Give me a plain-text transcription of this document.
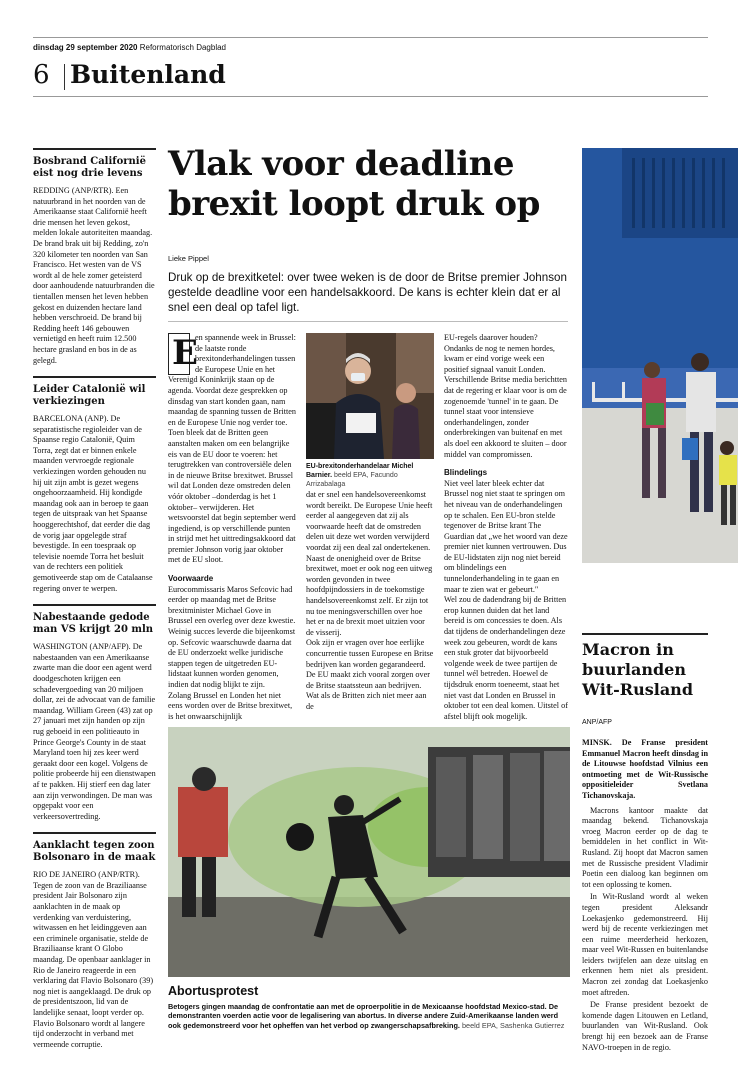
dinsdag 29 september 2020 Reformatorisch Dagblad
6 Buitenland
Bosbrand Californië eist nog drie levens

REDDING (ANP/RTR). Een natuurbrand in het noorden van de Amerikaanse staat Californië heeft drie mensen het leven gekost, melden lokale autoriteiten maandag. De brand brak uit bij Redding, zo'n 320 kilometer ten noorden van San Francisco. Het westen van de VS wordt al de hele zomer geteisterd door aanhoudende natuurbranden die tientallen mensen het leven hebben gekost en duizenden hectare land hebben verschroeid. De brand bij Redding heeft 146 gebouwen vernietigd en heeft ruim 12.500 hectare grasland en bos in de as gelegd.

Leider Catalonië wil verkiezingen

BARCELONA (ANP). De separatistische regioleider van de Spaanse regio Catalonië, Quim Torra, zegt dat er binnen enkele maanden vervroegde regionale verkiezingen worden gehouden nu hij uit zijn ambt is gezet wegens ongehoorzaamheid. Hij kondigde maandag ook aan in beroep te gaan tegen de uitspraak van het Spaanse hooggerechtshof, dat eerder die dag de vorig jaar opgelegde straf bevestigde. In een toespraak op televisie noemde Torra het besluit van de rechters een politiek gemotiveerde stap om de Catalaanse regering onver te werpen.

Nabestaande gedode man VS krijgt 20 mln

WASHINGTON (ANP/AFP). De nabestaanden van een Amerikaanse zwarte man die door een agent werd doodgeschoten krijgen een schadevergoeding van 20 miljoen dollar, zei de advocaat van de familie maandag. William Green (43) zat op 27 januari met zijn handen op zijn rug geboeid in een politieauto in Prince George's County in de staat Maryland toen hij zes keer werd geraakt door een kogel. Volgens de politie probeerde hij een dienstwapen af te pakken. Hij stierf een dag later aan zijn verwondingen. De man was opgepakt voor een verkeersovertreding.

Aanklacht tegen zoon Bolsonaro in de maak

RIO DE JANEIRO (ANP/RTR). Tegen de zoon van de Braziliaanse president Jair Bolsonaro zijn aanklachten in de maak op verdenking van verduistering, witwassen en het leidinggeven aan een criminele organisatie, stelde de Braziliaanse krant O Globo maandag. De openbaar aanklager in Rio de Janeiro reageerde in een verklaring dat Flavio Bolsonaro (39) nog niet is aangeklaagd. De druk op de presidentszoon, lid van de landelijke senaat, loopt verder op. Flavio Bolsonaro wordt al langere tijd onderzocht in verband met vermeende corruptie.

Vlak voor deadline brexit loopt druk op
Lieke Pippel
Druk op de brexitketel: over twee weken is de door de Britse premier Johnson gestelde deadline voor een handelsakkoord. De kans is echter klein dat er al snel een deal op tafel ligt.
E

en spannende week in Brussel: de laatste ronde brexitonderhandelingen tussen de Europese Unie en het Verenigd Koninkrijk staan op de agenda. Voordat deze gesprekken op dinsdag van start konden gaan, nam maandag de spanning tussen de Britten en de Europese Unie nog verder toe.

Toen bleek dat de Britten geen aanstalten maken om een belangrijke eis van de EU door te voeren: het terugtrekken van controversiële delen in de nieuwe Britse brexitwet. Brussel wil dat Londen deze omstreden delen vóór oktober –donderdag is het 1 oktober– verwijderen. Het wetsvoorstel dat begin september werd ingediend, is op verschillende punten in strijd met het uittredingsakkoord dat premier Johnson vorig jaar oktober met de EU sloot.

Voorwaarde

Eurocommissaris Maros Sefcovic had eerder op maandag met de Britse brexitminister Michael Gove in Brussel een overleg over deze kwestie. Weinig succes leverde die bijeenkomst op. Sefcovic waarschuwde daarna dat de EU onderzoekt welke juridische stappen tegen de uitgetreden EU-lidstaat kunnen worden genomen, indien dat nodig blijkt te zijn.

Zolang Brussel en Londen het niet eens worden over de Britse brexitwet, is het onwaarschijnlijk

EU-brexitonderhandelaar Michel Barnier. beeld EPA, Facundo Arrizabalaga

dat er snel een handelsovereenkomst wordt bereikt. De Europese Unie heeft eerder al aangegeven dat zij als voorwaarde heeft dat de omstreden delen uit deze wet worden verwijderd voordat zij een deal zal ondertekenen.

Naast de onenigheid over de Britse brexitwet, moet er ook nog een uitweg worden gevonden in twee hoofdpijndossiers in de toekomstige handelsovereenkomst zelf. Er zijn tot nu toe meningsverschillen over hoe het er na de brexit moet uitzien voor de visserij.

Ook zijn er vragen over hoe eerlijke concurrentie tussen Europese en Britse bedrijven kan worden gegarandeerd. De EU maakt zich vooral zorgen over de Britse staatssteun aan bedrijven. Wat als de Britten zich niet meer aan de

EU-regels daarover houden?

Ondanks de nog te nemen hordes, kwam er eind vorige week een positief signaal vanuit Londen. Verschillende Britse media berichtten dat de regering er klaar voor is om de zogenoemde 'tunnel' in te gaan. De tunnel staat voor intensieve onderhandelingen, zonder onderbrekingen van buitenaf en met als doel een akkoord te sluiten – door middel van compromissen.

Blindelings

Niet veel later bleek echter dat Brussel nog niet staat te springen om het niveau van de onderhandelingen op te schalen. Een EU-bron stelde tegenover de Britse krant The Guardian dat „we het woord van deze premier niet kunnen vertrouwen. Dus de EU-lidstaten zijn nog niet bereid om blindelings een tunnelonderhandeling in te gaan en maar te zien wat er gebeurt."

Wel zou de dadendrang bij de Britten erop kunnen duiden dat het land bereid is om concessies te doen. Als dat tijdens de onderhandelingen deze week zou gebeuren, wordt de kans een stuk groter dat bijvoorbeeld volgende week de twee partijen de tunnel wél betreden. Hoewel de tijdsdruk enorm toeneemt, staat het niet vast dat Londen en Brussel in oktober tot een deal komen. Uitstel of afstel blijft ook mogelijk.

Abortusprotest
Betogers gingen maandag de confrontatie aan met de oproerpolitie in de Mexicaanse hoofdstad Mexico-stad. De demonstranten voerden actie voor de legalisering van abortus. In diverse andere Zuid-Amerikaanse landen werd ook gedemonstreerd voor het opheffen van het verbod op zwangerschapsafbreking. beeld EPA, Sashenka Gutierrez
Macron in buurlanden Wit-Rusland
ANP/AFP

MINSK. De Franse president Emmanuel Macron heeft dinsdag in de Litouwse hoofdstad Vilnius een ontmoeting met de Wit-Russische oppositieleider Svetlana Tichanovskaja.

Macrons kantoor maakte dat maandag bekend. Tichanovskaja vroeg Macron eerder op de dag te bemiddelen in het conflict in Wit-Rusland. Zij hoopt dat Macron samen met de Russische president Vladimir Poetin een dialoog kan beginnen om tot een oplossing te komen.

In Wit-Rusland wordt al weken tegen president Aleksandr Loekasjenko gedemonstreerd. Hij werd bij de recente verkiezingen met een ruime meerderheid herkozen, maar veel Wit-Russen en buitenlandse leiders twijfelen aan deze uitslag en erkennen hem niet als president. Macron zei zondag dat Loekasjenko moet aftreden.

De Franse president bezoekt de komende dagen Litouwen en Letland, buurlanden van Wit-Rusland. Ook brengt hij een bezoek aan de Franse NAVO-troepen in de regio.
